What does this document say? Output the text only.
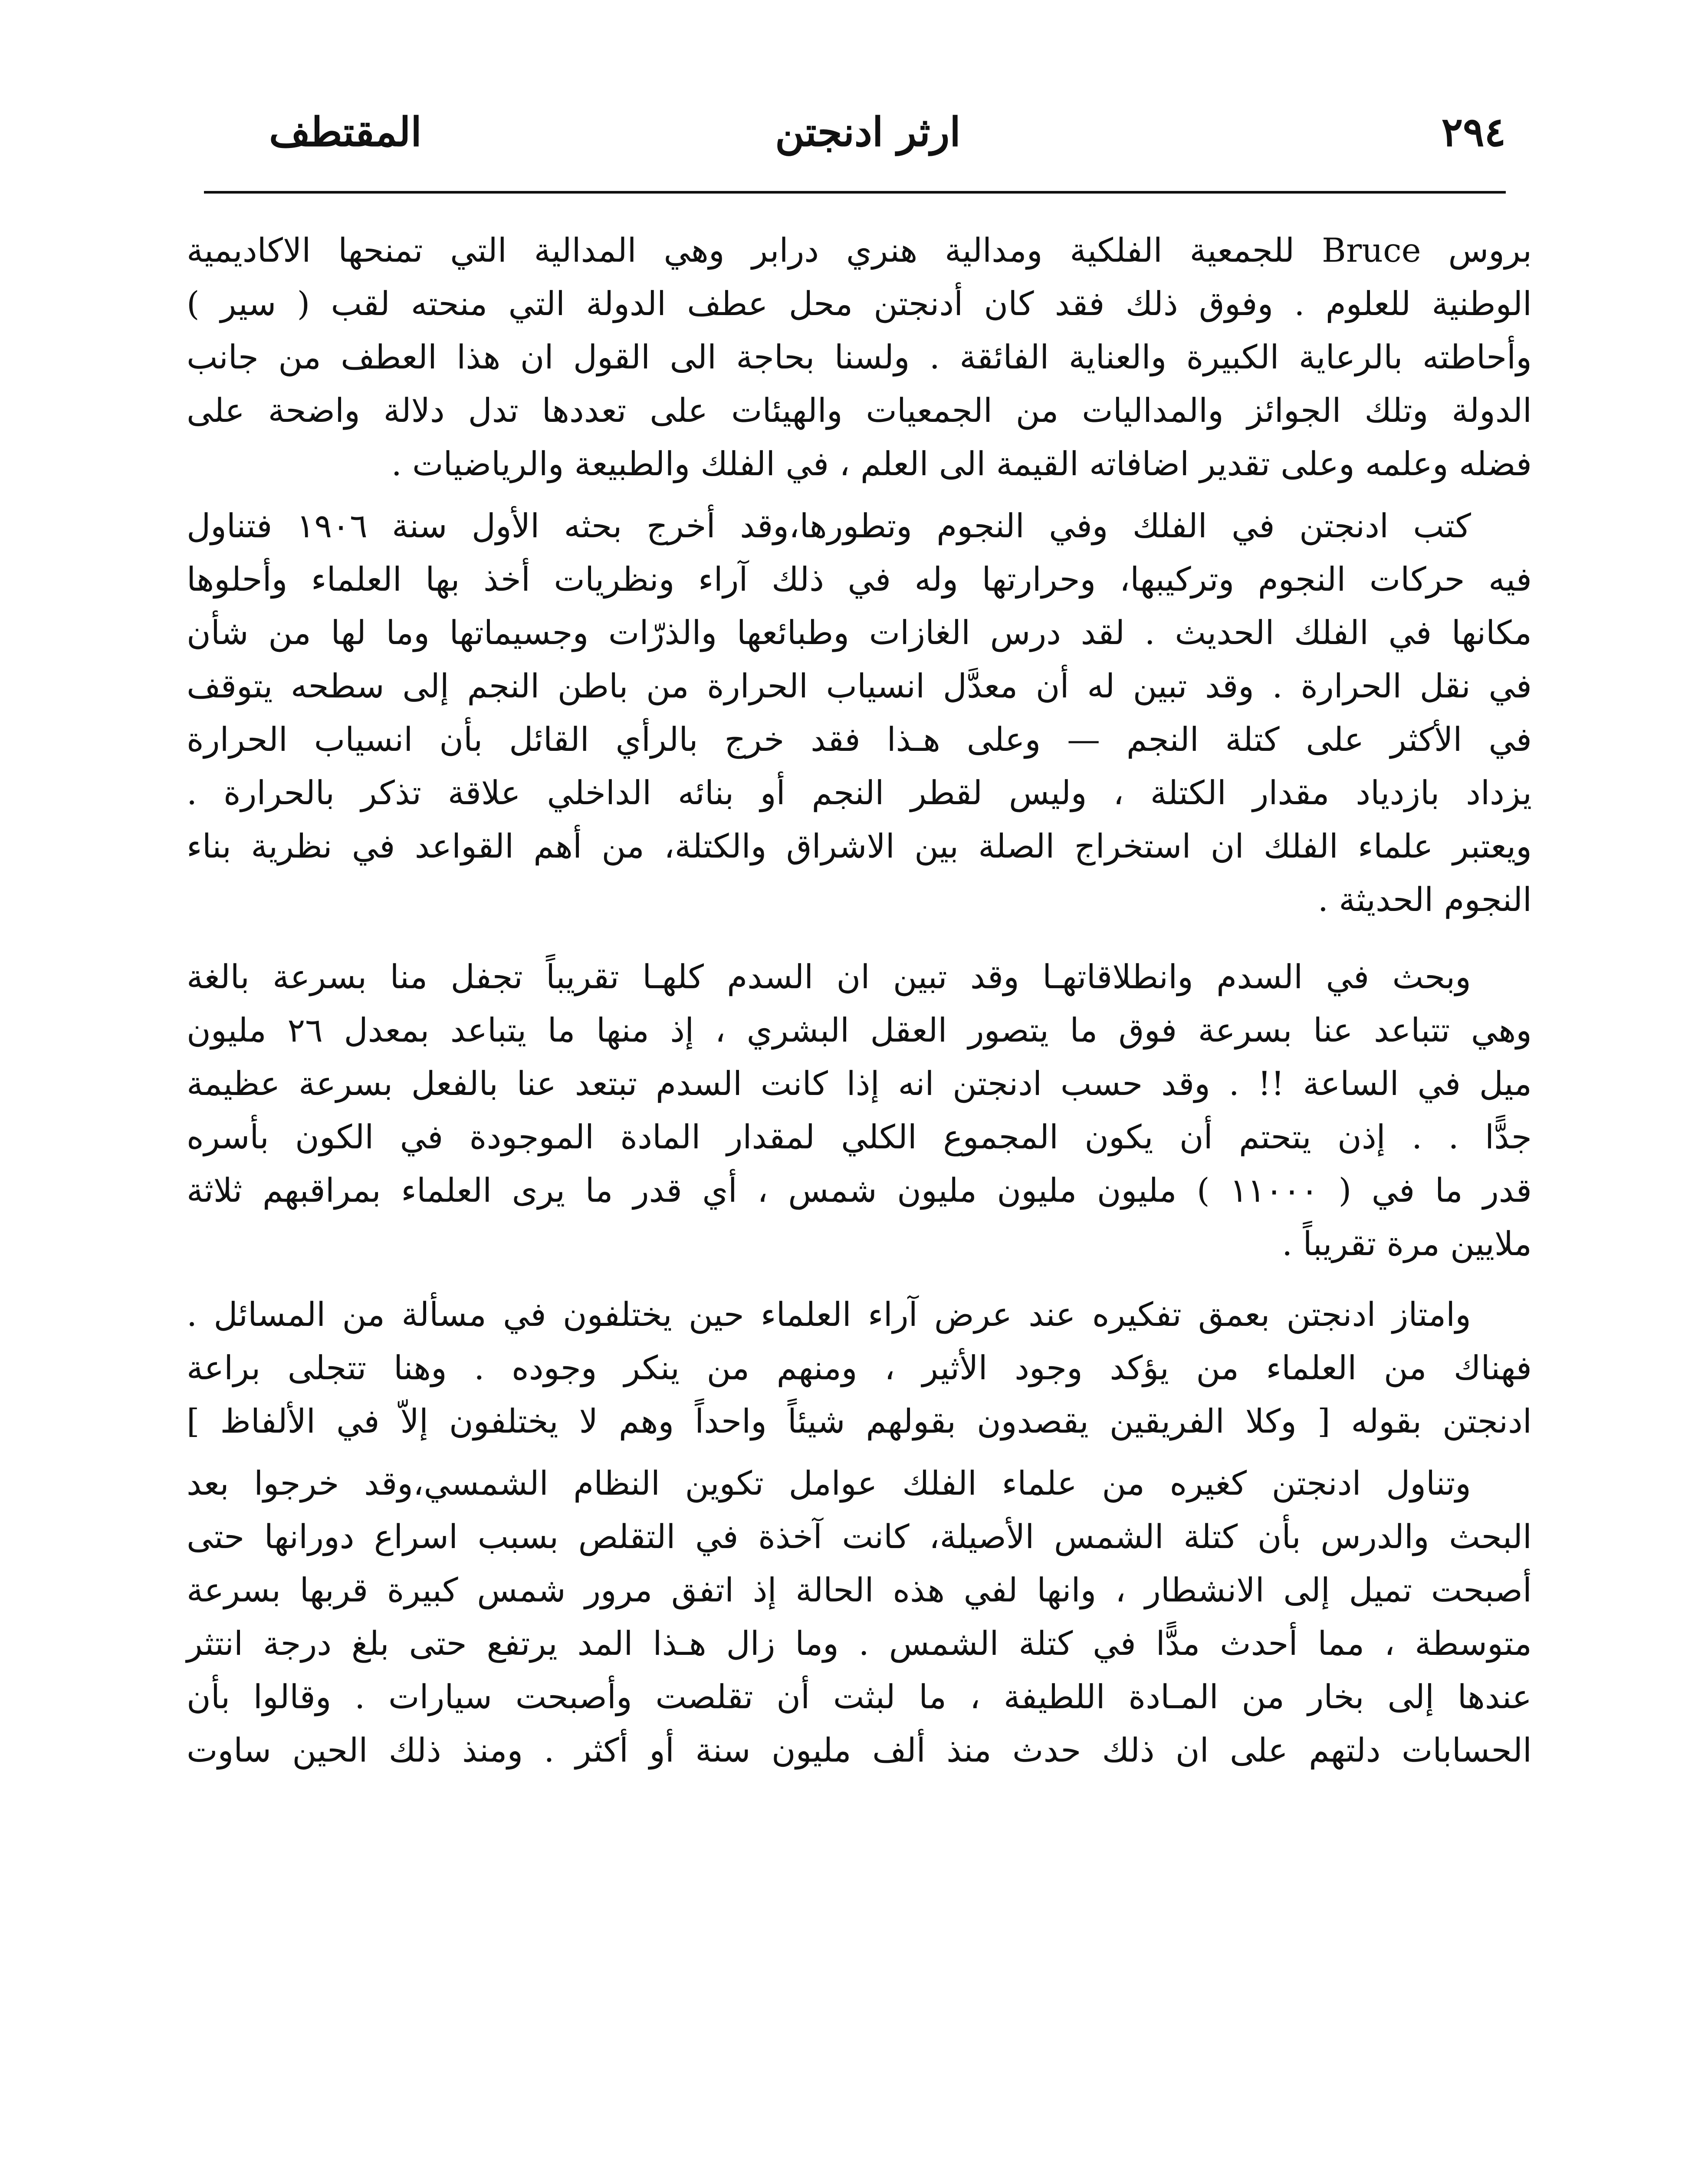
٢٩٤
ارثر ادنجتن
المقتطف

بروس Bruce للجمعية الفلكية ومدالية هنري درابر وهي المدالية التي تمنحها الاكاديمية
الوطنية للعلوم . وفوق ذلك فقد كان أدنجتن محل عطف الدولة التي منحته لقب ( سير )
وأحاطته بالرعاية الكبيرة والعناية الفائقة . ولسنا بحاجة الى القول ان هذا العطف من جانب
الدولة وتلك الجوائز والمداليات من الجمعيات والهيئات على تعددها تدل دلالة واضحة على
فضله وعلمه وعلى تقدير اضافاته القيمة الى العلم ، في الفلك والطبيعة والرياضيات .

كتب ادنجتن في الفلك وفي النجوم وتطورها،وقد أخرج بحثه الأول سنة ١٩٠٦ فتناول
فيه حركات النجوم وتركيبها، وحرارتها وله في ذلك آراء ونظريات أخذ بها العلماء وأحلوها
مكانها في الفلك الحديث . لقد درس الغازات وطبائعها والذرّات وجسيماتها وما لها من شأن
في نقل الحرارة . وقد تبين له أن معدَّل انسياب الحرارة من باطن النجم إلى سطحه يتوقف
في الأكثر على كتلة النجم — وعلى هـذا فقد خرج بالرأي القائل بأن انسياب الحرارة
يزداد بازدياد مقدار الكتلة ، وليس لقطر النجم أو بنائه الداخلي علاقة تذكر بالحرارة .
ويعتبر علماء الفلك ان استخراج الصلة بين الاشراق والكتلة، من أهم القواعد في نظرية بناء
النجوم الحديثة .

وبحث في السدم وانطلاقاتهـا وقد تبين ان السدم كلهـا تقريباً تجفل منا بسرعة بالغة
وهي تتباعد عنا بسرعة فوق ما يتصور العقل البشري ، إذ منها ما يتباعد بمعدل ٢٦ مليون
ميل في الساعة !! . وقد حسب ادنجتن انه إذا كانت السدم تبتعد عنا بالفعل بسرعة عظيمة
جدًّا . . إذن يتحتم أن يكون المجموع الكلي لمقدار المادة الموجودة في الكون بأسره
قدر ما في ( ١١٠٠٠ ) مليون مليون مليون شمس ، أي قدر ما يرى العلماء بمراقبهم ثلاثة
ملايين مرة تقريباً .

وامتاز ادنجتن بعمق تفكيره عند عرض آراء العلماء حين يختلفون في مسألة من المسائل .
فهناك من العلماء من يؤكد وجود الأثير ، ومنهم من ينكر وجوده . وهنا تتجلى براعة
ادنجتن بقوله [ وكلا الفريقين يقصدون بقولهم شيئاً واحداً وهم لا يختلفون إلاّ في الألفاظ ]

وتناول ادنجتن كغيره من علماء الفلك عوامل تكوين النظام الشمسي،وقد خرجوا بعد
البحث والدرس بأن كتلة الشمس الأصيلة، كانت آخذة في التقلص بسبب اسراع دورانها حتى
أصبحت تميل إلى الانشطار ، وانها لفي هذه الحالة إذ اتفق مرور شمس كبيرة قربها بسرعة
متوسطة ، مما أحدث مدًّا في كتلة الشمس . وما زال هـذا المد يرتفع حتى بلغ درجة انتثر
عندها إلى بخار من المـادة اللطيفة ، ما لبثت أن تقلصت وأصبحت سيارات . وقالوا بأن
الحسابات دلتهم على ان ذلك حدث منذ ألف مليون سنة أو أكثر . ومنذ ذلك الحين ساوت
